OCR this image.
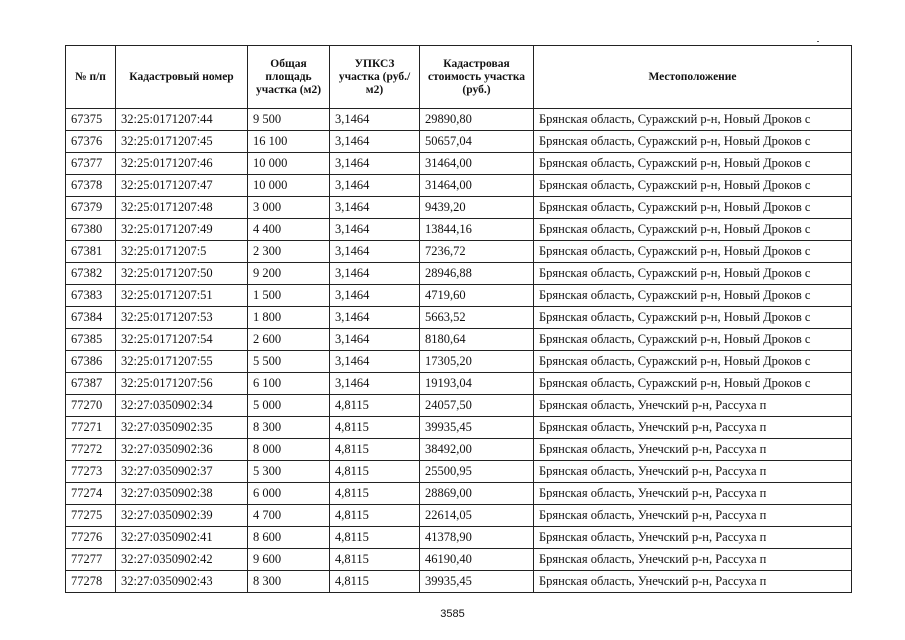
№ п/п	Кадастровый номер	Общая площадь участка (м2)	УПКСЗ участка (руб./м2)	Кадастровая стоимость участка (руб.)	Местоположение
67375	32:25:0171207:44	9 500	3,1464	29890,80	Брянская область, Суражский р-н, Новый Дроков с
67376	32:25:0171207:45	16 100	3,1464	50657,04	Брянская область, Суражский р-н, Новый Дроков с
67377	32:25:0171207:46	10 000	3,1464	31464,00	Брянская область, Суражский р-н, Новый Дроков с
67378	32:25:0171207:47	10 000	3,1464	31464,00	Брянская область, Суражский р-н, Новый Дроков с
67379	32:25:0171207:48	3 000	3,1464	9439,20	Брянская область, Суражский р-н, Новый Дроков с
67380	32:25:0171207:49	4 400	3,1464	13844,16	Брянская область, Суражский р-н, Новый Дроков с
67381	32:25:0171207:5	2 300	3,1464	7236,72	Брянская область, Суражский р-н, Новый Дроков с
67382	32:25:0171207:50	9 200	3,1464	28946,88	Брянская область, Суражский р-н, Новый Дроков с
67383	32:25:0171207:51	1 500	3,1464	4719,60	Брянская область, Суражский р-н, Новый Дроков с
67384	32:25:0171207:53	1 800	3,1464	5663,52	Брянская область, Суражский р-н, Новый Дроков с
67385	32:25:0171207:54	2 600	3,1464	8180,64	Брянская область, Суражский р-н, Новый Дроков с
67386	32:25:0171207:55	5 500	3,1464	17305,20	Брянская область, Суражский р-н, Новый Дроков с
67387	32:25:0171207:56	6 100	3,1464	19193,04	Брянская область, Суражский р-н, Новый Дроков с
77270	32:27:0350902:34	5 000	4,8115	24057,50	Брянская область, Унечский р-н, Рассуха п
77271	32:27:0350902:35	8 300	4,8115	39935,45	Брянская область, Унечский р-н, Рассуха п
77272	32:27:0350902:36	8 000	4,8115	38492,00	Брянская область, Унечский р-н, Рассуха п
77273	32:27:0350902:37	5 300	4,8115	25500,95	Брянская область, Унечский р-н, Рассуха п
77274	32:27:0350902:38	6 000	4,8115	28869,00	Брянская область, Унечский р-н, Рассуха п
77275	32:27:0350902:39	4 700	4,8115	22614,05	Брянская область, Унечский р-н, Рассуха п
77276	32:27:0350902:41	8 600	4,8115	41378,90	Брянская область, Унечский р-н, Рассуха п
77277	32:27:0350902:42	9 600	4,8115	46190,40	Брянская область, Унечский р-н, Рассуха п
77278	32:27:0350902:43	8 300	4,8115	39935,45	Брянская область, Унечский р-н, Рассуха п
3585
